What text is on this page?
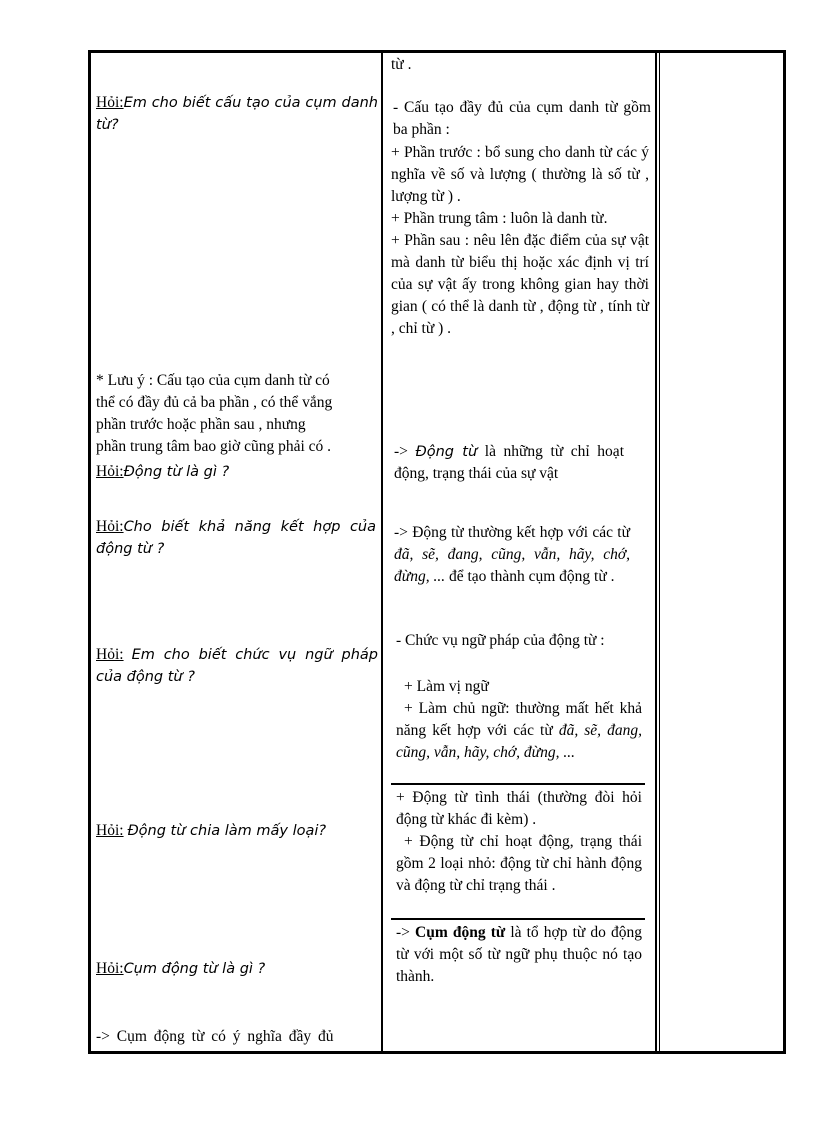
Hỏi:Em cho biết cấu tạo của cụm danh từ?
* Lưu ý : Cấu tạo của cụm danh từ có
thể có đầy đủ cả ba phần , có thể vắng
phần trước hoặc phần sau , nhưng
phần trung tâm bao giờ cũng phải có .
Hỏi:Động từ là gì ?
Hỏi:Cho biết khả năng kết hợp của động từ ?
Hỏi: Em cho biết chức vụ ngữ pháp của động từ ?
Hỏi: Động từ chia làm mấy loại?
Hỏi:Cụm động từ là gì ?
-> Cụm động từ có ý nghĩa đầy đủ
từ .
- Cấu tạo đầy đủ của cụm danh từ gồm ba phần :
+ Phần trước : bổ sung cho danh từ các ý nghĩa về số và lượng ( thường là số từ , lượng từ ) .
+ Phần trung tâm : luôn là danh từ.
+ Phần sau : nêu lên đặc điểm của sự vật mà danh từ biểu thị hoặc xác định vị trí của sự vật ấy trong không gian hay thời gian ( có thể là danh từ , động từ , tính từ , chỉ từ ) .
-> Động từ là những từ chỉ hoạt động, trạng thái của sự vật
-> Động từ thường kết hợp với các từ đã, sẽ, đang, cũng, vẫn, hãy, chớ, đừng, ... để tạo thành cụm động từ .
- Chức vụ ngữ pháp của động từ :
+ Làm vị ngữ
+ Làm chủ ngữ: thường mất hết khả năng kết hợp với các từ đã, sẽ, đang, cũng, vẫn, hãy, chớ, đừng, ...
+ Động từ tình thái (thường đòi hỏi động từ khác đi kèm) .
+ Động từ chỉ hoạt động, trạng thái gồm 2 loại nhỏ: động từ chỉ hành động và động từ chỉ trạng thái .
-> Cụm động từ là tổ hợp từ do động từ với một số từ ngữ phụ thuộc nó tạo thành.
